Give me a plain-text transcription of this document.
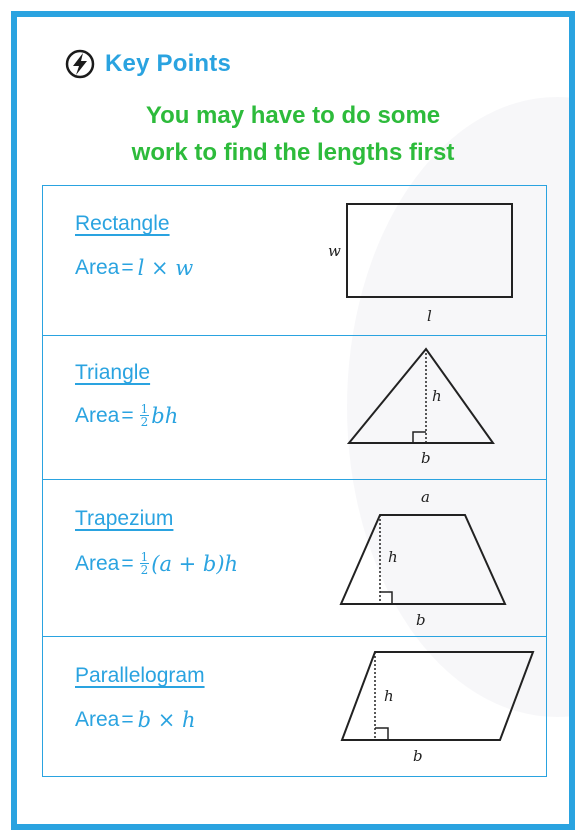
Key Points
You may have to do some
work to find the lengths first
Rectangle
Area = l × w
w
l
Triangle
Area = $\frac{1}{2}$ bh
h
b
Trapezium
Area = $\frac{1}{2} (a + b)h$
a
h
b
Parallelogram
Area = b × h
h
b
